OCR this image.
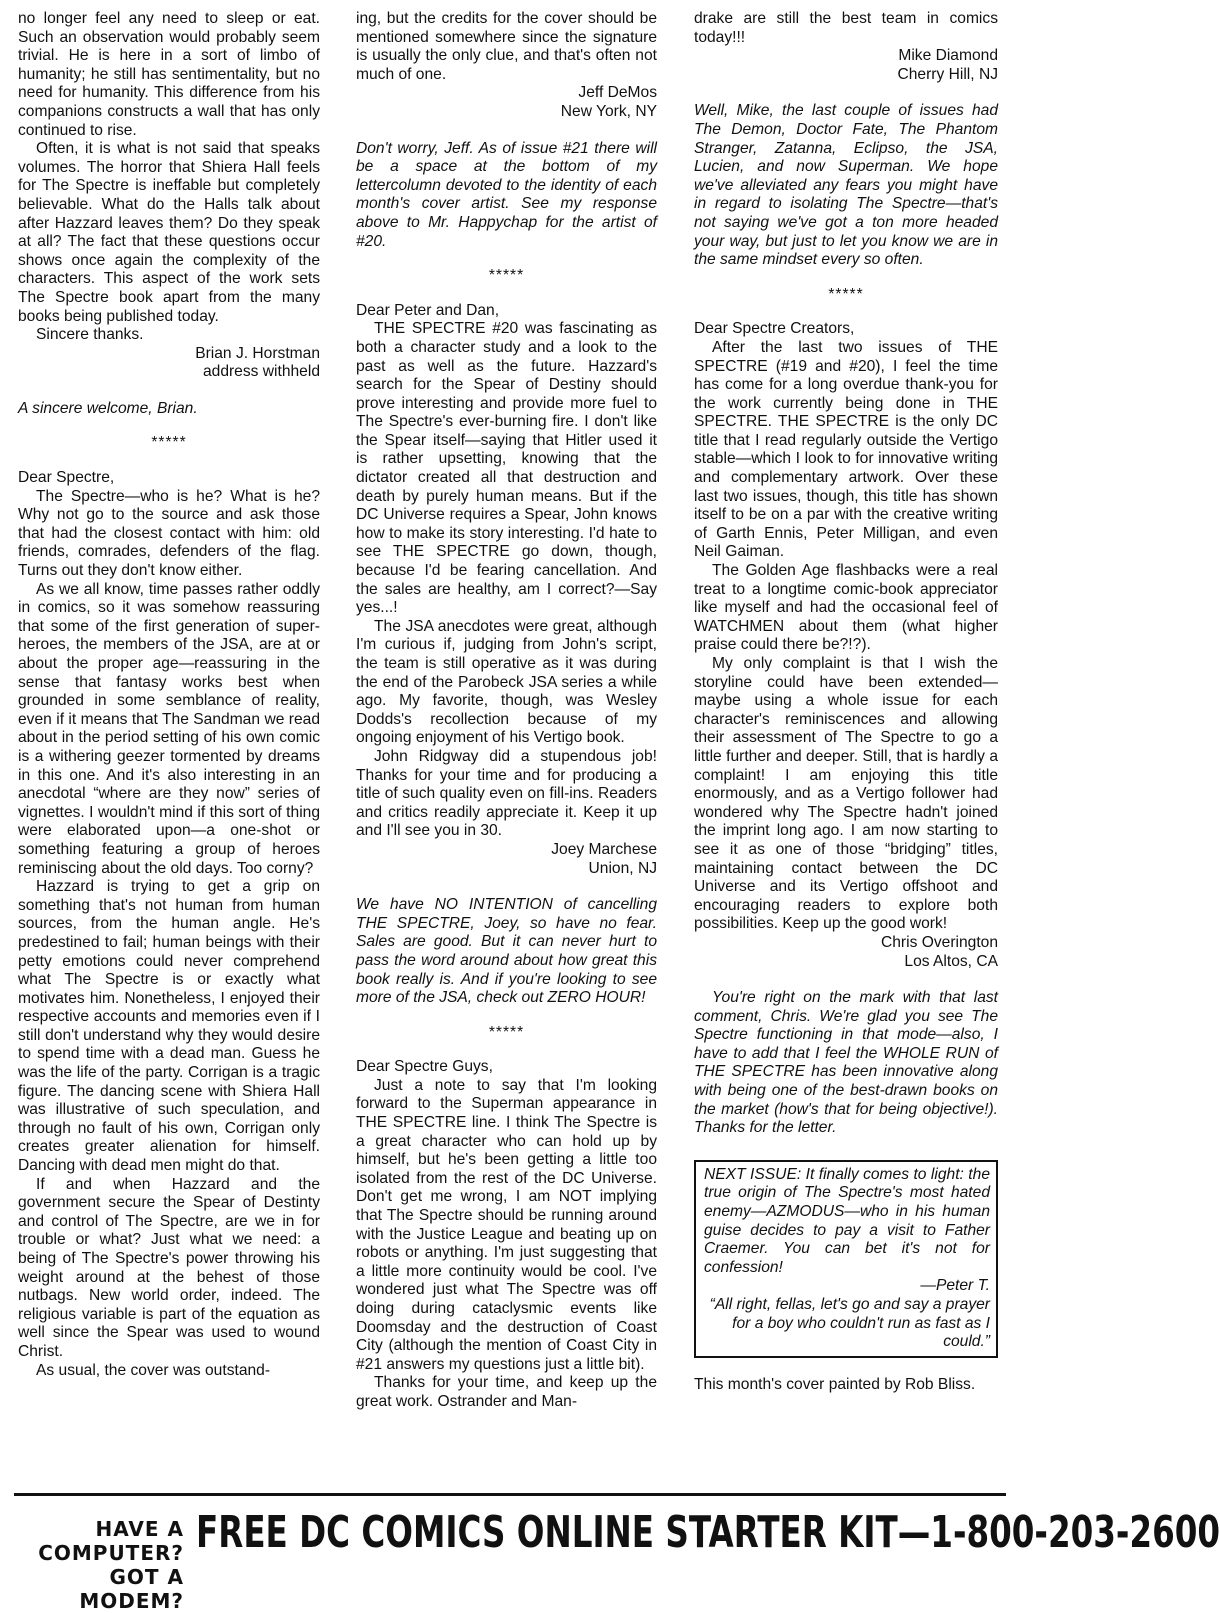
no longer feel any need to sleep or eat. Such an observation would probably seem trivial. He is here in a sort of limbo of humanity; he still has sentimentality, but no need for humanity. This difference from his companions constructs a wall that has only continued to rise.

Often, it is what is not said that speaks volumes. The horror that Shiera Hall feels for The Spectre is ineffable but completely believable. What do the Halls talk about after Hazzard leaves them? Do they speak at all? The fact that these questions occur shows once again the complexity of the characters. This aspect of the work sets The Spectre book apart from the many books being published today.

Sincere thanks.

Brian J. Horstman

address withheld

A sincere welcome, Brian.

*****

Dear Spectre,

The Spectre—who is he? What is he? Why not go to the source and ask those that had the closest contact with him: old friends, comrades, defenders of the flag. Turns out they don't know either.

As we all know, time passes rather oddly in comics, so it was somehow reassuring that some of the first generation of super-heroes, the members of the JSA, are at or about the proper age—reassuring in the sense that fantasy works best when grounded in some semblance of reality, even if it means that The Sandman we read about in the period setting of his own comic is a withering geezer tormented by dreams in this one. And it's also interesting in an anecdotal “where are they now” series of vignettes. I wouldn't mind if this sort of thing were elaborated upon—a one-shot or something featuring a group of heroes reminiscing about the old days. Too corny?

Hazzard is trying to get a grip on something that's not human from human sources, from the human angle. He's predestined to fail; human beings with their petty emotions could never comprehend what The Spectre is or exactly what motivates him. Nonetheless, I enjoyed their respective accounts and memories even if I still don't understand why they would desire to spend time with a dead man. Guess he was the life of the party. Corrigan is a tragic figure. The dancing scene with Shiera Hall was illustrative of such speculation, and through no fault of his own, Corrigan only creates greater alienation for himself. Dancing with dead men might do that.

If and when Hazzard and the government secure the Spear of Destinty and control of The Spectre, are we in for trouble or what? Just what we need: a being of The Spectre's power throwing his weight around at the behest of those nutbags. New world order, indeed. The religious variable is part of the equation as well since the Spear was used to wound Christ.

As usual, the cover was outstand-

ing, but the credits for the cover should be mentioned somewhere since the signature is usually the only clue, and that's often not much of one.

Jeff DeMos

New York, NY

Don't worry, Jeff. As of issue #21 there will be a space at the bottom of my lettercolumn devoted to the identity of each month's cover artist. See my response above to Mr. Happychap for the artist of #20.

*****

Dear Peter and Dan,

THE SPECTRE #20 was fascinating as both a character study and a look to the past as well as the future. Hazzard's search for the Spear of Destiny should prove interesting and provide more fuel to The Spectre's ever-burning fire. I don't like the Spear itself—saying that Hitler used it is rather upsetting, knowing that the dictator created all that destruction and death by purely human means. But if the DC Universe requires a Spear, John knows how to make its story interesting. I'd hate to see THE SPECTRE go down, though, because I'd be fearing cancellation. And the sales are healthy, am I correct?—Say yes...!

The JSA anecdotes were great, although I'm curious if, judging from John's script, the team is still operative as it was during the end of the Parobeck JSA series a while ago. My favorite, though, was Wesley Dodds's recollection because of my ongoing enjoyment of his Vertigo book.

John Ridgway did a stupendous job! Thanks for your time and for producing a title of such quality even on fill-ins. Readers and critics readily appreciate it. Keep it up and I'll see you in 30.

Joey Marchese

Union, NJ

We have NO INTENTION of cancelling THE SPECTRE, Joey, so have no fear. Sales are good. But it can never hurt to pass the word around about how great this book really is. And if you're looking to see more of the JSA, check out ZERO HOUR!

*****

Dear Spectre Guys,

Just a note to say that I'm looking forward to the Superman appearance in THE SPECTRE line. I think The Spectre is a great character who can hold up by himself, but he's been getting a little too isolated from the rest of the DC Universe. Don't get me wrong, I am NOT implying that The Spectre should be running around with the Justice League and beating up on robots or anything. I'm just suggesting that a little more continuity would be cool. I've wondered just what The Spectre was off doing during cataclysmic events like Doomsday and the destruction of Coast City (although the mention of Coast City in #21 answers my questions just a little bit).

Thanks for your time, and keep up the great work. Ostrander and Man-

drake are still the best team in comics today!!!

Mike Diamond

Cherry Hill, NJ

Well, Mike, the last couple of issues had The Demon, Doctor Fate, The Phantom Stranger, Zatanna, Eclipso, the JSA, Lucien, and now Superman. We hope we've alleviated any fears you might have in regard to isolating The Spectre—that's not saying we've got a ton more headed your way, but just to let you know we are in the same mindset every so often.

*****

Dear Spectre Creators,

After the last two issues of THE SPECTRE (#19 and #20), I feel the time has come for a long overdue thank-you for the work currently being done in THE SPECTRE. THE SPECTRE is the only DC title that I read regularly outside the Vertigo stable—which I look to for innovative writing and complementary artwork. Over these last two issues, though, this title has shown itself to be on a par with the creative writing of Garth Ennis, Peter Milligan, and even Neil Gaiman.

The Golden Age flashbacks were a real treat to a longtime comic-book appreciator like myself and had the occasional feel of WATCHMEN about them (what higher praise could there be?!?).

My only complaint is that I wish the storyline could have been extended—maybe using a whole issue for each character's reminiscences and allowing their assessment of The Spectre to go a little further and deeper. Still, that is hardly a complaint! I am enjoying this title enormously, and as a Vertigo follower had wondered why The Spectre hadn't joined the imprint long ago. I am now starting to see it as one of those “bridging” titles, maintaining contact between the DC Universe and its Vertigo offshoot and encouraging readers to explore both possibilities. Keep up the good work!

Chris Overington

Los Altos, CA

You're right on the mark with that last comment, Chris. We're glad you see The Spectre functioning in that mode—also, I have to add that I feel the WHOLE RUN of THE SPECTRE has been innovative along with being one of the best-drawn books on the market (how's that for being objective!). Thanks for the letter.

NEXT ISSUE: It finally comes to light: the true origin of The Spectre's most hated enemy—AZMODUS—who in his human guise decides to pay a visit to Father Craemer. You can bet it's not for confession!

—Peter T.

“All right, fellas, let's go and say a prayer for a boy who couldn't run as fast as I could.”

This month's cover painted by Rob Bliss.

HAVE A COMPUTER?
GOT A MODEM?
FREE DC COMICS ONLINE STARTER KIT—1-800-203-2600
